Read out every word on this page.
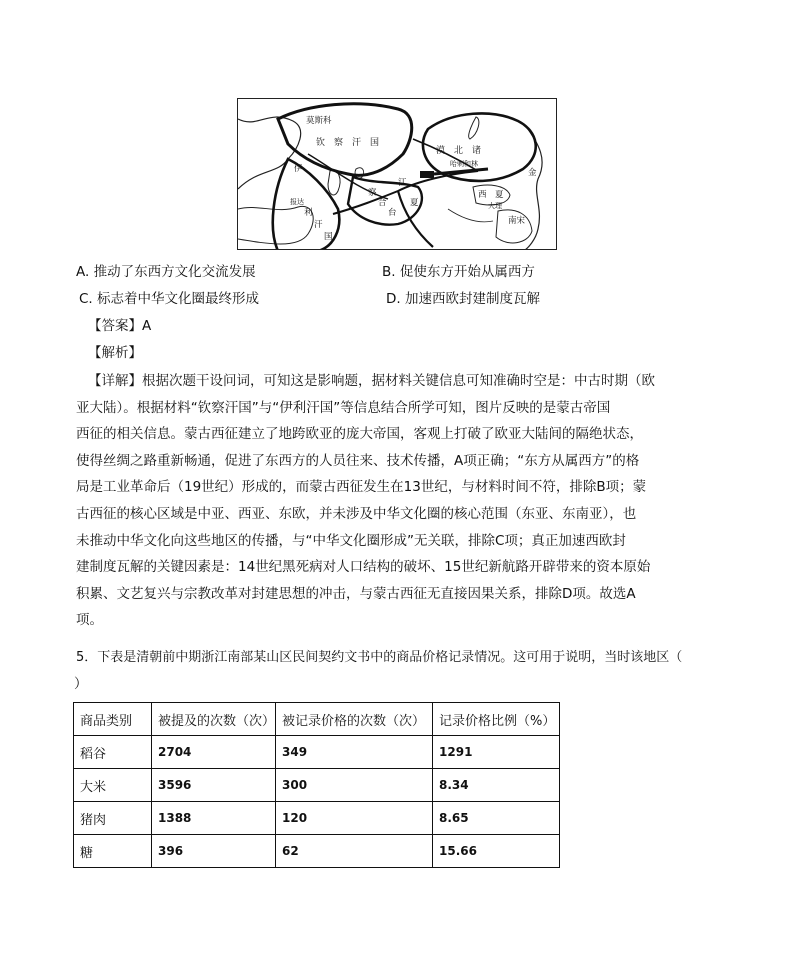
莫斯科
钦　察　汗　国
漠　北　诸
哈剌和林
金
西　夏
南宋
大理
伊
利
汗
国
察
合
台
报达
江
夏
A. 推动了东西方文化交流发展	B. 促使东方开始从属西方
C. 标志着中华文化圈最终形成	D. 加速西欧封建制度瓦解
【答案】A
【解析】

【详解】根据次题干设问词，可知这是影响题，据材料关键信息可知准确时空是：中古时期（欧

亚大陆）。根据材料“钦察汗国”与“伊利汗国”等信息结合所学可知，图片反映的是蒙古帝国

西征的相关信息。蒙古西征建立了地跨欧亚的庞大帝国，客观上打破了欧亚大陆间的隔绝状态，

使得丝绸之路重新畅通，促进了东西方的人员往来、技术传播，A项正确；“东方从属西方”的格

局是工业革命后（19世纪）形成的，而蒙古西征发生在13世纪，与材料时间不符，排除B项；蒙

古西征的核心区域是中亚、西亚、东欧，并未涉及中华文化圈的核心范围（东亚、东南亚），也

未推动中华文化向这些地区的传播，与“中华文化圈形成”无关联，排除C项；真正加速西欧封

建制度瓦解的关键因素是：14世纪黑死病对人口结构的破坏、15世纪新航路开辟带来的资本原始

积累、文艺复兴与宗教改革对封建思想的冲击，与蒙古西征无直接因果关系，排除D项。故选A

项。

5．下表是清朝前中期浙江南部某山区民间契约文书中的商品价格记录情况。这可用于说明，当时该地区（
）
商品类别	被提及的次数（次）	被记录价格的次数（次）	记录价格比例（%）
稻谷	2704	349	1291
大米	3596	300	8.34
猪肉	1388	120	8.65
糖	396	62	15.66
